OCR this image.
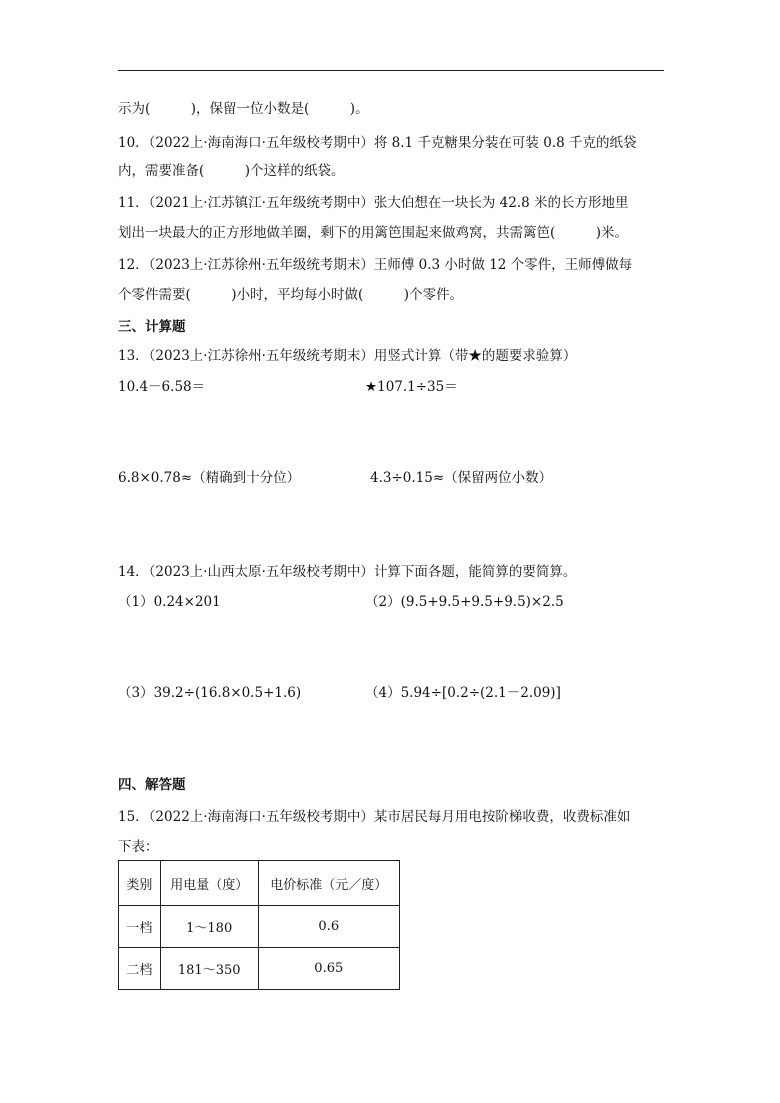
示为(　　　)，保留一位小数是(　　　)。
10．（2022上·海南海口·五年级校考期中）将 8.1 千克糖果分装在可装 0.8 千克的纸袋
内，需要准备(　　　)个这样的纸袋。
11．（2021上·江苏镇江·五年级统考期中）张大伯想在一块长为 42.8 米的长方形地里
划出一块最大的正方形地做羊圈，剩下的用篱笆围起来做鸡窝，共需篱笆(　　　)米。
12．（2023上·江苏徐州·五年级统考期末）王师傅 0.3 小时做 12 个零件，王师傅做每
个零件需要(　　　)小时，平均每小时做(　　　)个零件。
三、计算题
13．（2023上·江苏徐州·五年级统考期末）用竖式计算（带★的题要求验算）
10.4－6.58＝	★107.1÷35＝
6.8×0.78≈（精确到十分位）	4.3÷0.15≈（保留两位小数）
14．（2023上·山西太原·五年级校考期中）计算下面各题，能简算的要简算。
（1）0.24×201	（2）(9.5+9.5+9.5+9.5)×2.5
（3）39.2÷(16.8×0.5+1.6)	（4）5.94÷[0.2÷(2.1－2.09)]
四、解答题
15．（2022上·海南海口·五年级校考期中）某市居民每月用电按阶梯收费，收费标准如
下表：
类别	用电量（度）	电价标准（元／度）
一档	1～180	0.6
二档	181～350	0.65
